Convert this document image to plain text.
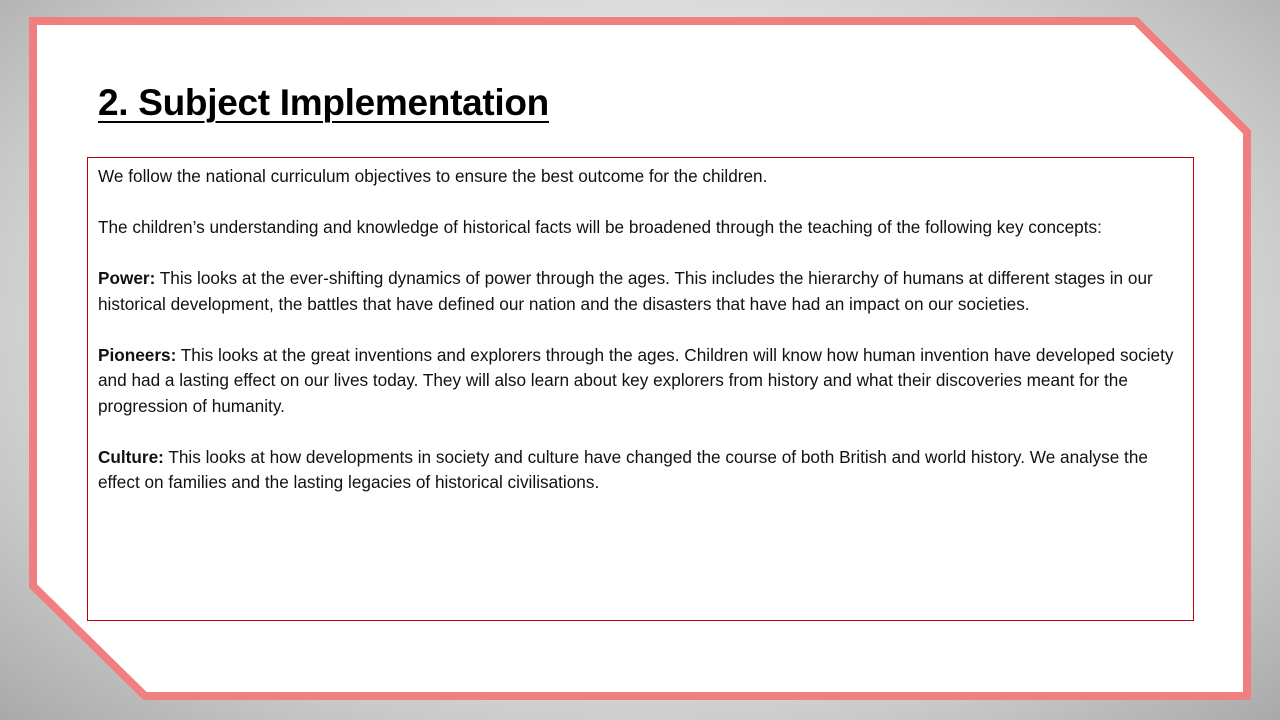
2. Subject Implementation

We follow the national curriculum objectives to ensure the best outcome for the children.

The children’s understanding and knowledge of historical facts will be broadened through the teaching of the following key concepts:

Power: This looks at the ever-shifting dynamics of power through the ages. This includes the hierarchy of humans at different stages in our historical development, the battles that have defined our nation and the disasters that have had an impact on our societies.

Pioneers: This looks at the great inventions and explorers through the ages. Children will know how human invention have developed society and had a lasting effect on our lives today. They will also learn about key explorers from history and what their discoveries meant for the progression of humanity.

Culture: This looks at how developments in society and culture have changed the course of both British and world history. We analyse the effect on families and the lasting legacies of historical civilisations.
